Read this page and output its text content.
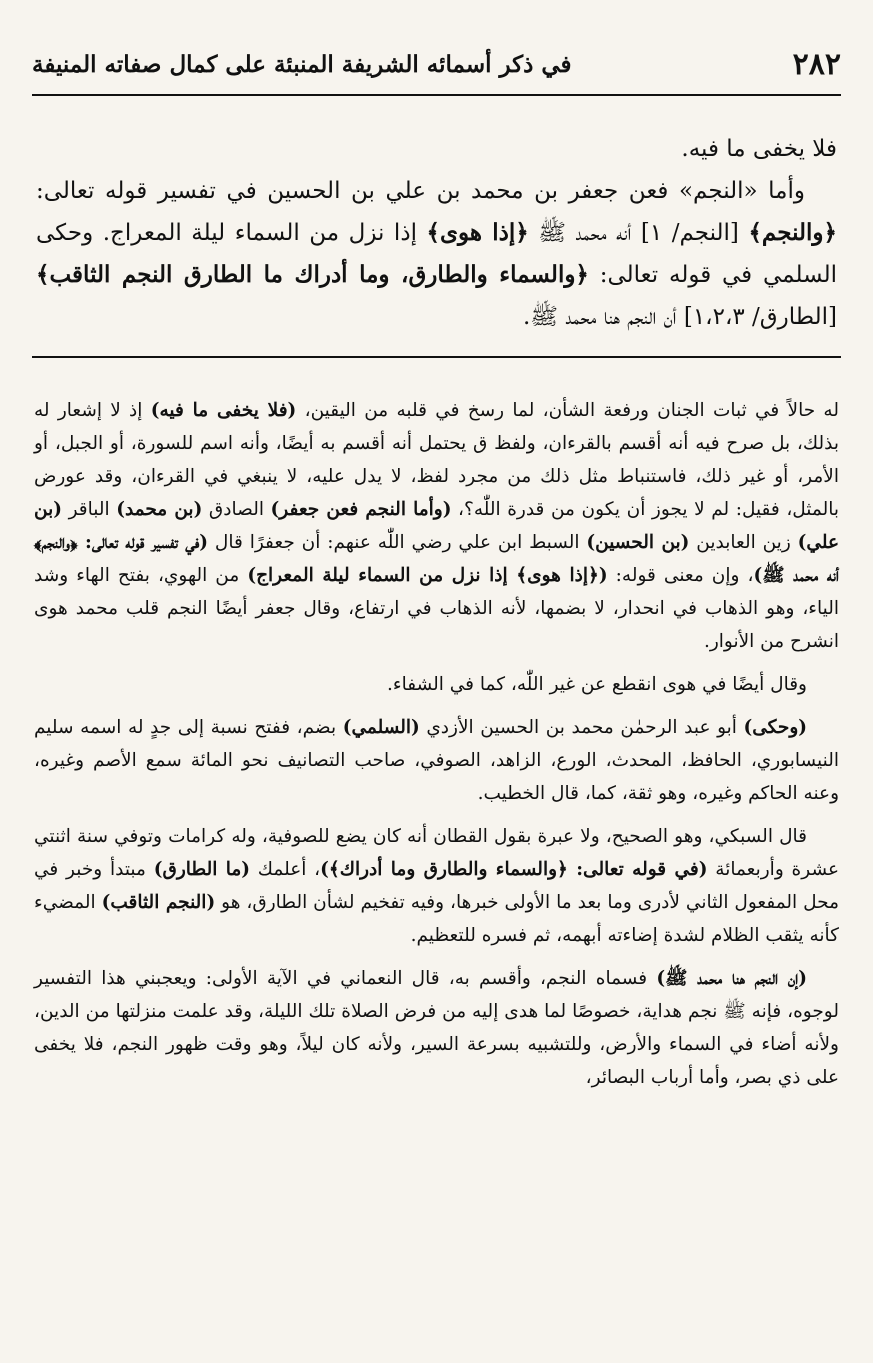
٢٨٢
في ذكر أسمائه الشريفة المنبئة على كمال صفاته المنيفة

فلا يخفى ما فيه.

وأما «النجم» فعن جعفر بن محمد بن علي بن الحسين في تفسير قوله تعالى: ﴿والنجم﴾ [النجم/ ١] أنه محمد ﷺ ﴿إذا هوى﴾ إذا نزل من السماء ليلة المعراج. وحكى السلمي في قوله تعالى: ﴿والسماء والطارق، وما أدراك ما الطارق النجم الثاقب﴾ [الطارق/ ١،٢،٣] أن النجم هنا محمد ﷺ.

له حالاً في ثبات الجنان ورفعة الشأن، لما رسخ في قلبه من اليقين، (فلا يخفى ما فيه) إذ لا إشعار له بذلك، بل صرح فيه أنه أقسم بالقرءان، ولفظ ق يحتمل أنه أقسم به أيضًا، وأنه اسم للسورة، أو الجبل، أو الأمر، أو غير ذلك، فاستنباط مثل ذلك من مجرد لفظ، لا يدل عليه، لا ينبغي في القرءان، وقد عورض بالمثل، فقيل: لم لا يجوز أن يكون من قدرة اللّٰه؟، (وأما النجم فعن جعفر) الصادق (بن محمد) الباقر (بن علي) زين العابدين (بن الحسين) السبط ابن علي رضي اللّٰه عنهم: أن جعفرًا قال (في تفسير قوله تعالى: ﴿والنجم﴾ أنه محمد ﷺ)، وإن معنى قوله: (﴿إذا هوى﴾ إذا نزل من السماء ليلة المعراج) من الهوي، بفتح الهاء وشد الياء، وهو الذهاب في انحدار، لا بضمها، لأنه الذهاب في ارتفاع، وقال جعفر أيضًا النجم قلب محمد هوى انشرح من الأنوار.

وقال أيضًا في هوى انقطع عن غير اللّٰه، كما في الشفاء.

(وحكى) أبو عبد الرحمٰن محمد بن الحسين الأزدي (السلمي) بضم، ففتح نسبة إلى جدٍ له اسمه سليم النيسابوري، الحافظ، المحدث، الورع، الزاهد، الصوفي، صاحب التصانيف نحو المائة سمع الأصم وغيره، وعنه الحاكم وغيره، وهو ثقة، كما، قال الخطيب.

قال السبكي، وهو الصحيح، ولا عبرة بقول القطان أنه كان يضع للصوفية، وله كرامات وتوفي سنة اثنتي عشرة وأربعمائة (في قوله تعالى: ﴿والسماء والطارق وما أدراك﴾)، أعلمك (ما الطارق) مبتدأ وخبر في محل المفعول الثاني لأدرى وما بعد ما الأولى خبرها، وفيه تفخيم لشأن الطارق، هو (النجم الثاقب) المضيء كأنه يثقب الظلام لشدة إضاءته أبهمه، ثم فسره للتعظيم.

(إن النجم هنا محمد ﷺ) فسماه النجم، وأقسم به، قال النعماني في الآية الأولى: ويعجبني هذا التفسير لوجوه، فإنه ﷺ نجم هداية، خصوصًا لما هدى إليه من فرض الصلاة تلك الليلة، وقد علمت منزلتها من الدين، ولأنه أضاء في السماء والأرض، وللتشبيه بسرعة السير، ولأنه كان ليلاً، وهو وقت ظهور النجم، فلا يخفى على ذي بصر، وأما أرباب البصائر،
